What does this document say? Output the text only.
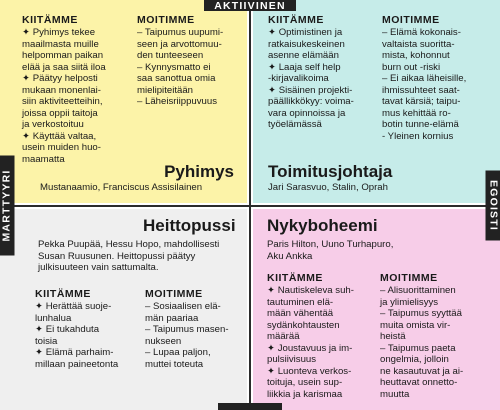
KIITÄMME
✦ Pyhimys tekee
maailmasta muille
helpomman paikan
elää ja saa siitä iloa
✦ Päätyy helposti
mukaan monenlai-
siin aktiviteetteihin,
joissa oppii taitoja
ja verkostoituu
✦ Käyttää valtaa,
usein muiden huo-
maamatta
MOITIMME
– Taipumus uupumi-
seen ja arvottomuu-
den tunteeseen
– Kynnysmatto ei
saa sanottua omia
mielipiteitään
– Läheisriippuvuus
Pyhimys
Mustanaamio, Franciscus Assisilainen
KIITÄMME
✦ Optimistinen ja
ratkaisukeskeinen
asenne elämään
✦ Laaja self help
-kirjavalikoima
✦ Sisäinen projekti-
päällikkökyy: voima-
vara opinnoissa ja
työelämässä
MOITIMME
– Elämä kokonais-
valtaista suoritta-
mista, kohonnut
burn out -riski
– Ei aikaa läheisille,
ihmissuhteet saat-
tavat kärsiä; taipu-
mus kehittää ro-
botin tunne-elämä
- Yleinen kornius
Toimitusjohtaja
Jari Sarasvuo, Stalin, Oprah
Heittopussi
Pekka Puupää, Hessu Hopo, mahdollisesti
Susan Ruusunen. Heittopussi päätyy
julkisuuteen vain sattumalta.
KIITÄMME
✦ Herättää suoje-
lunhalua
✦ Ei tukahduta
toisia
✦ Elämä parhaim-
millaan paineetonta
MOITIMME
– Sosiaalisen elä-
män paariaa
– Taipumus masen-
nukseen
– Lupaa paljon,
muttei toteuta
Nykyboheemi
Paris Hilton, Uuno Turhapuro,
Aku Ankka
KIITÄMME
✦ Nautiskeleva suh-
tautuminen elä-
mään vähentää
sydänkohtausten
määrää
✦ Joustavuus ja im-
pulsiivisuus
✦ Luonteva verkos-
toituja, usein sup-
liikkia ja karismaa
MOITIMME
– Alisuorittaminen
ja ylimielisyys
– Taipumus syyttää
muita omista vir-
heistä
– Taipumus paeta
ongelmia, jolloin
ne kasautuvat ja ai-
heuttavat onnetto-
muutta
AKTIIVINEN
MARTTYYRI	EGOISTI
